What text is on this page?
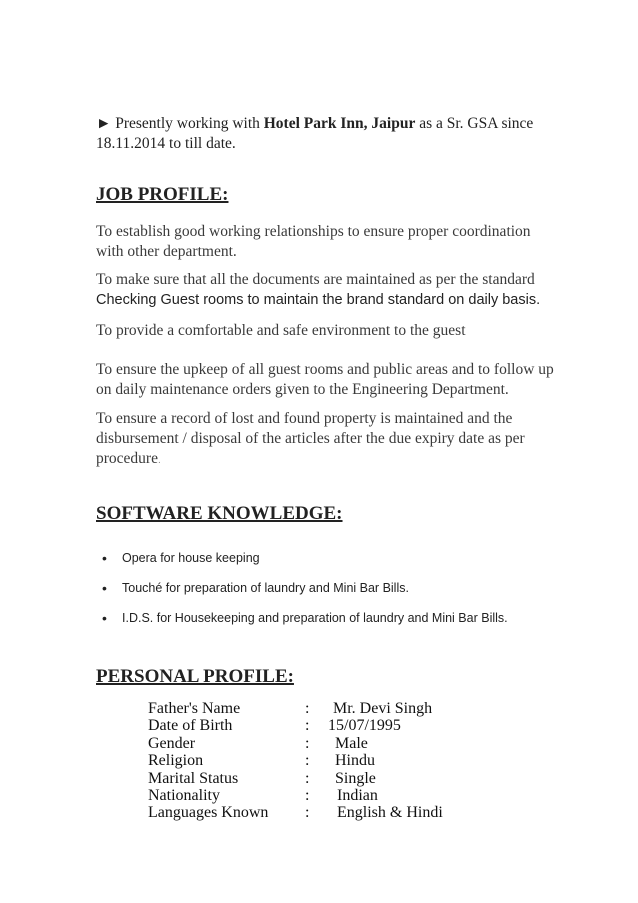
► Presently working with Hotel Park Inn, Jaipur as a Sr. GSA since
18.11.2014 to till date.
JOB PROFILE:
To establish good working relationships to ensure proper coordination
with other department.
To make sure that all the documents are maintained as per the standard
Checking Guest rooms to maintain the brand standard on daily basis.
To provide a comfortable and safe environment to the guest
To ensure the upkeep of all guest rooms and public areas and to follow up
on daily maintenance orders given to the Engineering Department.
To ensure a record of lost and found property is maintained and the
disbursement / disposal of the articles after the due expiry date as per
procedure.
SOFTWARE KNOWLEDGE:
• Opera for house keeping
• Touché for preparation of laundry and Mini Bar Bills.
• I.D.S. for Housekeeping and preparation of laundry and Mini Bar Bills.
PERSONAL PROFILE:
Father's Name	: Mr. Devi Singh
Date of Birth	: 15/07/1995
Gender	: Male
Religion	: Hindu
Marital Status	: Single
Nationality	: Indian
Languages Known : English & Hindi
